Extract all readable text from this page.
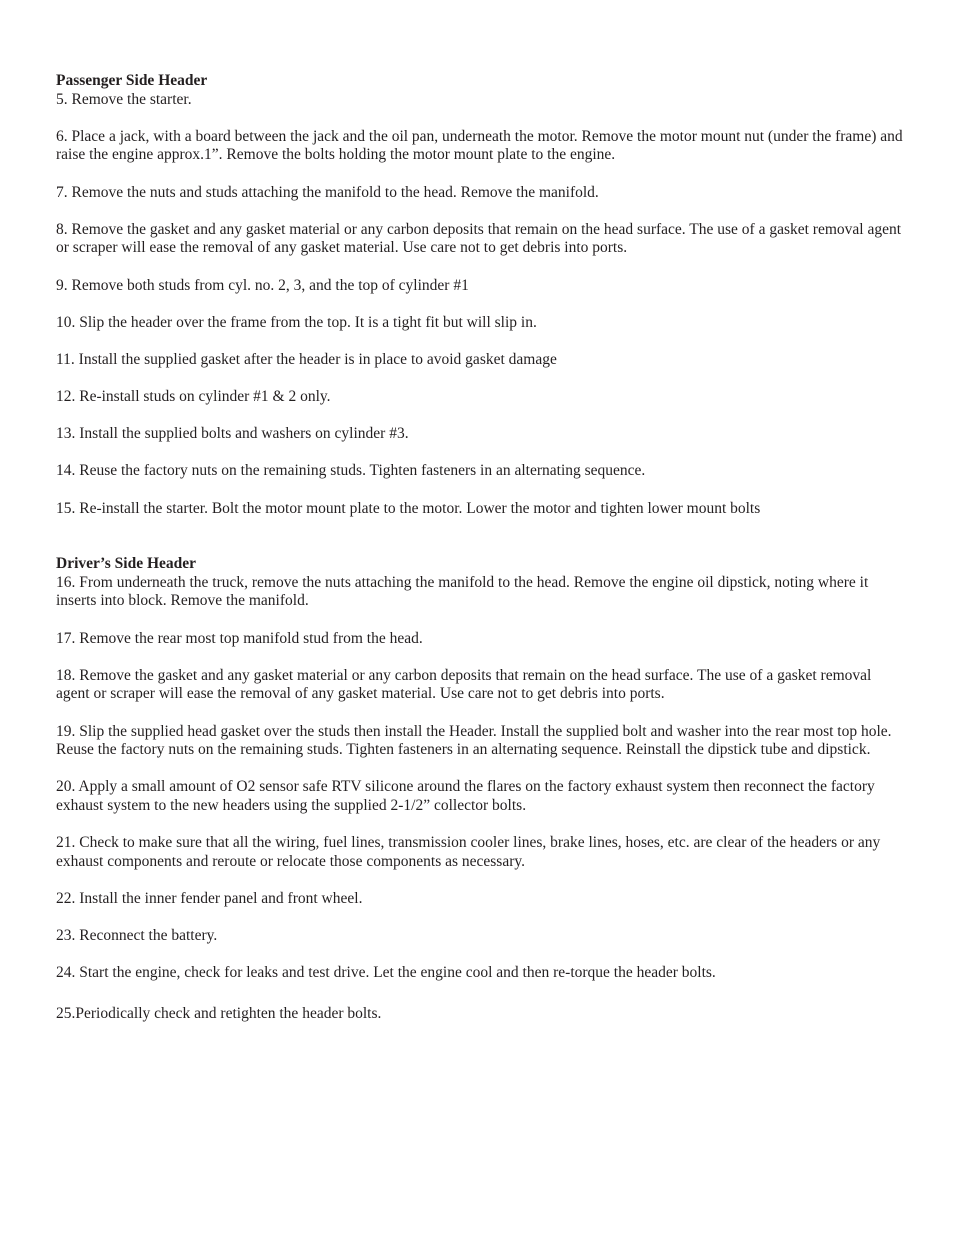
Passenger Side Header

5. Remove the starter.

6. Place a jack, with a board between the jack and the oil pan, underneath the motor. Remove the motor mount nut (under the frame) and raise the engine approx.1”. Remove the bolts holding the motor mount plate to the engine.

7. Remove the nuts and studs attaching the manifold to the head. Remove the manifold.

8. Remove the gasket and any gasket material or any carbon deposits that remain on the head surface. The use of a gasket removal agent or scraper will ease the removal of any gasket material. Use care not to get debris into ports.

9. Remove both studs from cyl. no. 2, 3, and the top of cylinder #1

10. Slip the header over the frame from the top. It is a tight fit but will slip in.

11. Install the supplied gasket after the header is in place to avoid gasket damage

12. Re-install studs on cylinder #1 & 2 only.

13. Install the supplied bolts and washers on cylinder #3.

14. Reuse the factory nuts on the remaining studs. Tighten fasteners in an alternating sequence.

15. Re-install the starter. Bolt the motor mount plate to the motor. Lower the motor and tighten lower mount bolts

Driver’s Side Header

16. From underneath the truck, remove the nuts attaching the manifold to the head. Remove the engine oil dipstick, noting where it inserts into block. Remove the manifold.

17. Remove the rear most top manifold stud from the head.

18. Remove the gasket and any gasket material or any carbon deposits that remain on the head surface. The use of a gasket removal agent or scraper will ease the removal of any gasket material. Use care not to get debris into ports.

19. Slip the supplied head gasket over the studs then install the Header. Install the supplied bolt and washer into the rear most top hole. Reuse the factory nuts on the remaining studs. Tighten fasteners in an alternating sequence. Reinstall the dipstick tube and dipstick.

20. Apply a small amount of O2 sensor safe RTV silicone around the flares on the factory exhaust system then reconnect the factory exhaust system to the new headers using the supplied 2-1/2” collector bolts.

21. Check to make sure that all the wiring, fuel lines, transmission cooler lines, brake lines, hoses, etc. are clear of the headers or any exhaust components and reroute or relocate those components as necessary.

22. Install the inner fender panel and front wheel.

23. Reconnect the battery.

24. Start the engine, check for leaks and test drive. Let the engine cool and then re-torque the header bolts.

25.Periodically check and retighten the header bolts.
